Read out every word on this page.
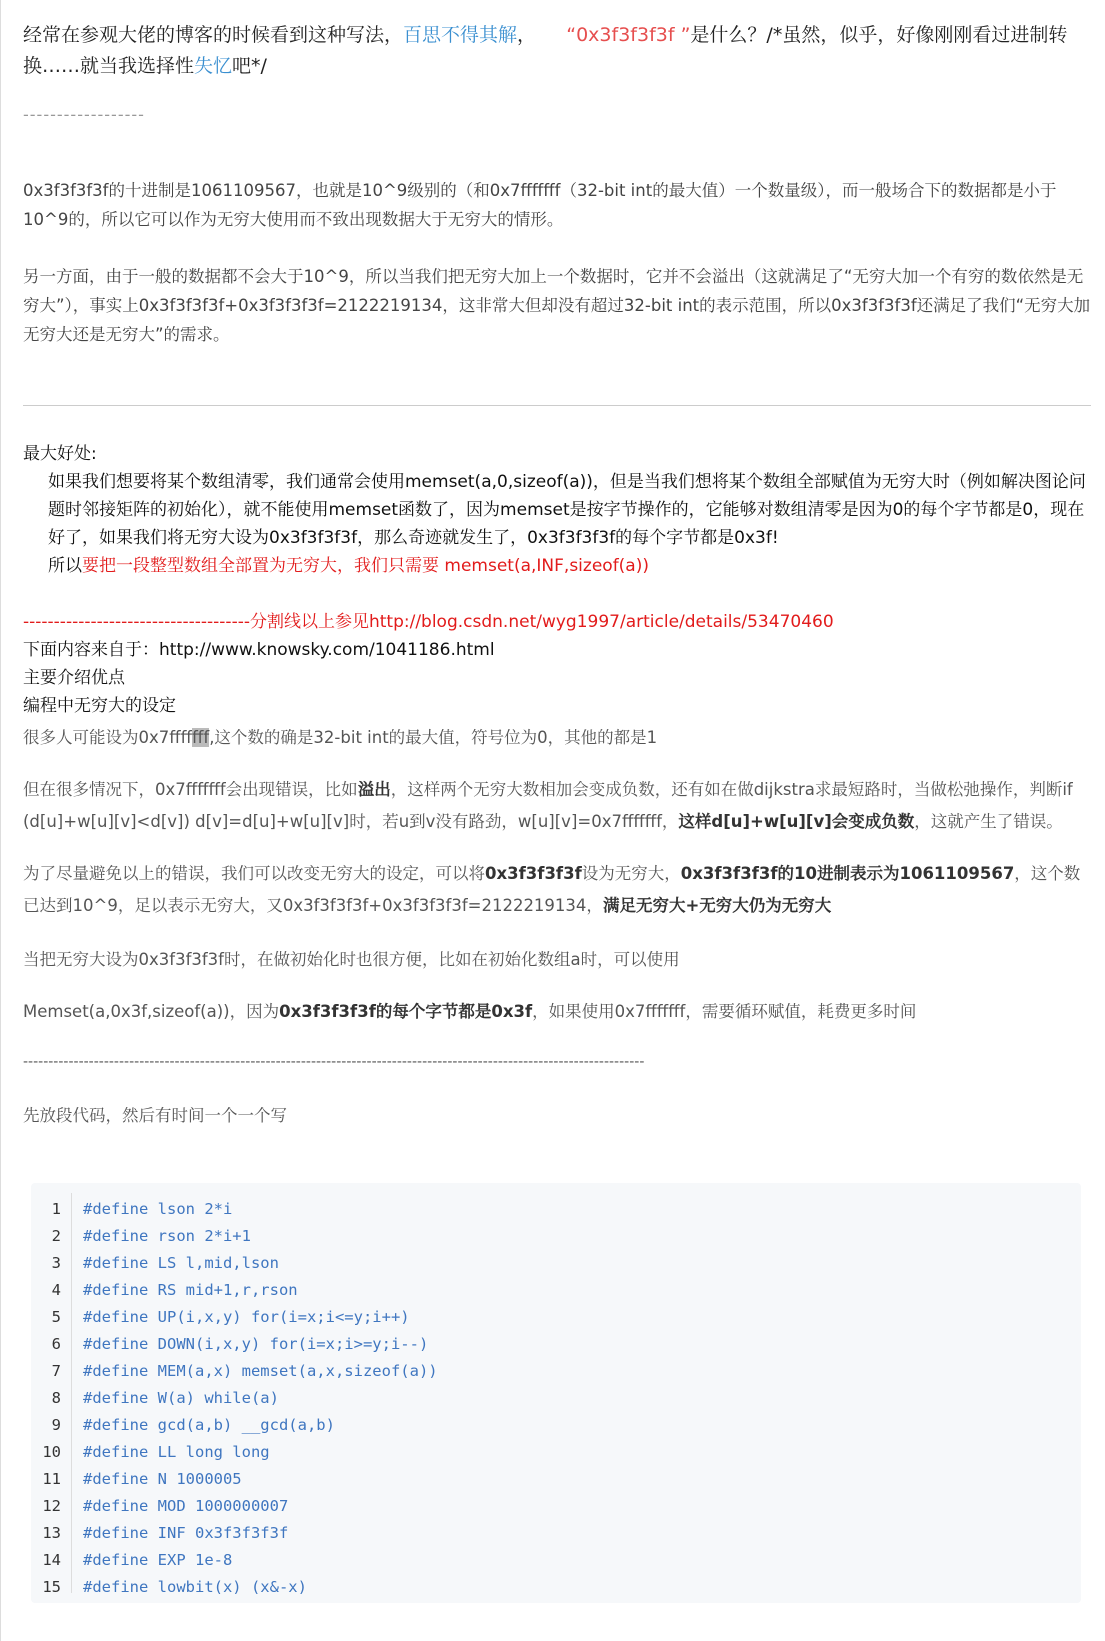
经常在参观大佬的博客的时候看到这种写法，百思不得其解， “0x3f3f3f3f ”是什么？/*虽然，似乎，好像刚刚看过进制转换……就当我选择性失忆吧*/

------------------

0x3f3f3f3f的十进制是1061109567，也就是10^9级别的（和0x7fffffff（32-bit int的最大值）一个数量级），而一般场合下的数据都是小于10^9的，所以它可以作为无穷大使用而不致出现数据大于无穷大的情形。

另一方面，由于一般的数据都不会大于10^9，所以当我们把无穷大加上一个数据时，它并不会溢出（这就满足了“无穷大加一个有穷的数依然是无穷大”），事实上0x3f3f3f3f+0x3f3f3f3f=2122219134，这非常大但却没有超过32-bit int的表示范围，所以0x3f3f3f3f还满足了我们“无穷大加无穷大还是无穷大”的需求。

最大好处:
如果我们想要将某个数组清零，我们通常会使用memset(a,0,sizeof(a))，但是当我们想将某个数组全部赋值为无穷大时（例如解决图论问题时邻接矩阵的初始化），就不能使用memset函数了，因为memset是按字节操作的，它能够对数组清零是因为0的每个字节都是0，现在好了，如果我们将无穷大设为0x3f3f3f3f，那么奇迹就发生了，0x3f3f3f3f的每个字节都是0x3f!
所以要把一段整型数组全部置为无穷大，我们只需要 memset(a,INF,sizeof(a))
-------------------------------------分割线以上参见http://blog.csdn.net/wyg1997/article/details/53470460
下面内容来自于：http://www.knowsky.com/1041186.html
主要介绍优点
编程中无穷大的设定

很多人可能设为0x7fffffff,这个数的确是32-bit int的最大值，符号位为0，其他的都是1

但在很多情况下，0x7fffffff会出现错误，比如溢出，这样两个无穷大数相加会变成负数，还有如在做dijkstra求最短路时，当做松弛操作，判断if (d[u]+w[u][v]<d[v]) d[v]=d[u]+w[u][v]时，若u到v没有路劲，w[u][v]=0x7fffffff，这样d[u]+w[u][v]会变成负数，这就产生了错误。

为了尽量避免以上的错误，我们可以改变无穷大的设定，可以将0x3f3f3f3f设为无穷大，0x3f3f3f3f的10进制表示为1061109567，这个数已达到10^9，足以表示无穷大，又0x3f3f3f3f+0x3f3f3f3f=2122219134，满足无穷大+无穷大仍为无穷大

当把无穷大设为0x3f3f3f3f时，在做初始化时也很方便，比如在初始化数组a时，可以使用

Memset(a,0x3f,sizeof(a))，因为0x3f3f3f3f的每个字节都是0x3f，如果使用0x7fffffff，需要循环赋值，耗费更多时间

---------------------------------------------------------------------------------------------------------------------------

先放段代码，然后有时间一个一个写

1 #define lson 2*i
2 #define rson 2*i+1
3 #define LS l,mid,lson
4 #define RS mid+1,r,rson
5 #define UP(i,x,y) for(i=x;i<=y;i++)
6 #define DOWN(i,x,y) for(i=x;i>=y;i--)
7 #define MEM(a,x) memset(a,x,sizeof(a))
8 #define W(a) while(a)
9 #define gcd(a,b) __gcd(a,b)
10 #define LL long long
11 #define N 1000005
12 #define MOD 1000000007
13 #define INF 0x3f3f3f3f
14 #define EXP 1e-8
15 #define lowbit(x) (x&-x)
